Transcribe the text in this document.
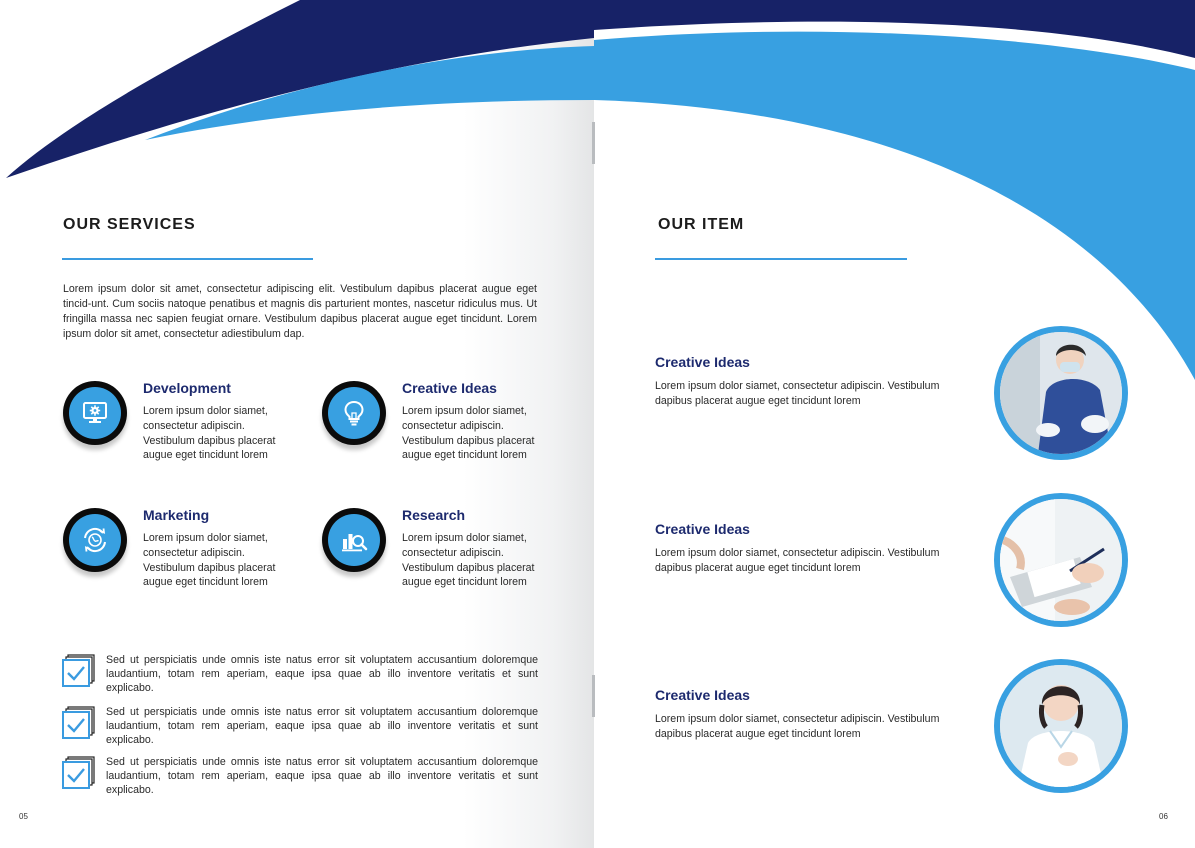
OUR SERVICES

Lorem ipsum dolor sit amet, consectetur adipiscing elit. Vestibulum dapibus placerat augue eget tincid-unt. Cum sociis natoque penatibus et magnis dis parturient montes, nascetur ridiculus mus. Ut fringilla massa nec sapien feugiat ornare. Vestibulum dapibus placerat augue eget tincidunt. Lorem ipsum dolor sit amet, consectetur adiestibulum dap.

Development

Lorem ipsum dolor siamet, consectetur adipiscin. Vestibulum dapibus placerat augue eget tincidunt lorem

Creative Ideas

Lorem ipsum dolor siamet, consectetur adipiscin. Vestibulum dapibus placerat augue eget tincidunt lorem

Marketing

Lorem ipsum dolor siamet, consectetur adipiscin. Vestibulum dapibus placerat augue eget tincidunt lorem

Research

Lorem ipsum dolor siamet, consectetur adipiscin. Vestibulum dapibus placerat augue eget tincidunt lorem

Sed ut perspiciatis unde omnis iste natus error sit voluptatem accusantium doloremque laudantium, totam rem aperiam, eaque ipsa quae ab illo inventore veritatis et sunt explicabo.

Sed ut perspiciatis unde omnis iste natus error sit voluptatem accusantium doloremque laudantium, totam rem aperiam, eaque ipsa quae ab illo inventore veritatis et sunt explicabo.

Sed ut perspiciatis unde omnis iste natus error sit voluptatem accusantium doloremque laudantium, totam rem aperiam, eaque ipsa quae ab illo inventore veritatis et sunt explicabo.

05
OUR ITEM
Creative Ideas

Lorem ipsum dolor siamet, consectetur adipiscin. Vestibulum dapibus placerat augue eget tincidunt lorem

Creative Ideas

Lorem ipsum dolor siamet, consectetur adipiscin. Vestibulum dapibus placerat augue eget tincidunt lorem

Creative Ideas

Lorem ipsum dolor siamet, consectetur adipiscin. Vestibulum dapibus placerat augue eget tincidunt lorem

06
